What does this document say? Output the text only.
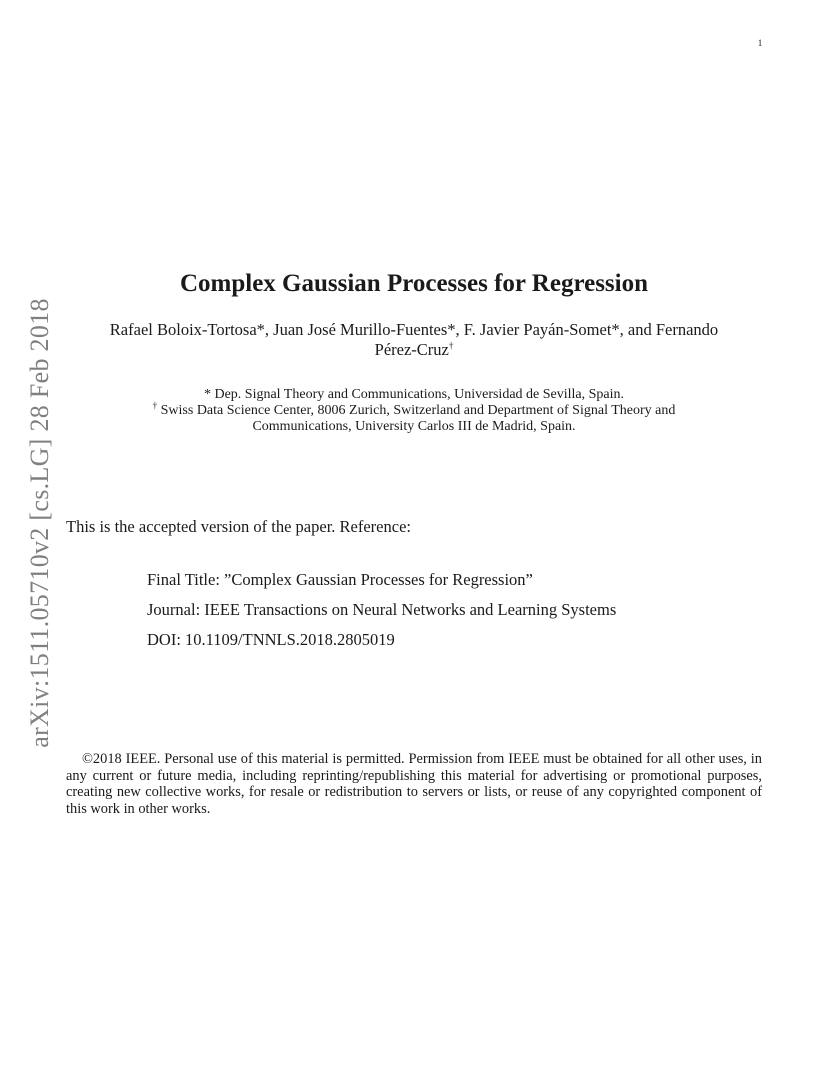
1
arXiv:1511.05710v2 [cs.LG] 28 Feb 2018
Complex Gaussian Processes for Regression
Rafael Boloix-Tortosa*, Juan José Murillo-Fuentes*, F. Javier Payán-Somet*, and Fernando
Pérez-Cruz†
* Dep. Signal Theory and Communications, Universidad de Sevilla, Spain.
† Swiss Data Science Center, 8006 Zurich, Switzerland and Department of Signal Theory and
Communications, University Carlos III de Madrid, Spain.
This is the accepted version of the paper. Reference:
Final Title: ”Complex Gaussian Processes for Regression”
Journal: IEEE Transactions on Neural Networks and Learning Systems
DOI: 10.1109/TNNLS.2018.2805019
©2018 IEEE. Personal use of this material is permitted. Permission from IEEE must be obtained for all other uses, in any current or future media, including reprinting/republishing this material for advertising or promotional purposes, creating new collective works, for resale or redistribution to servers or lists, or reuse of any copyrighted component of this work in other works.
